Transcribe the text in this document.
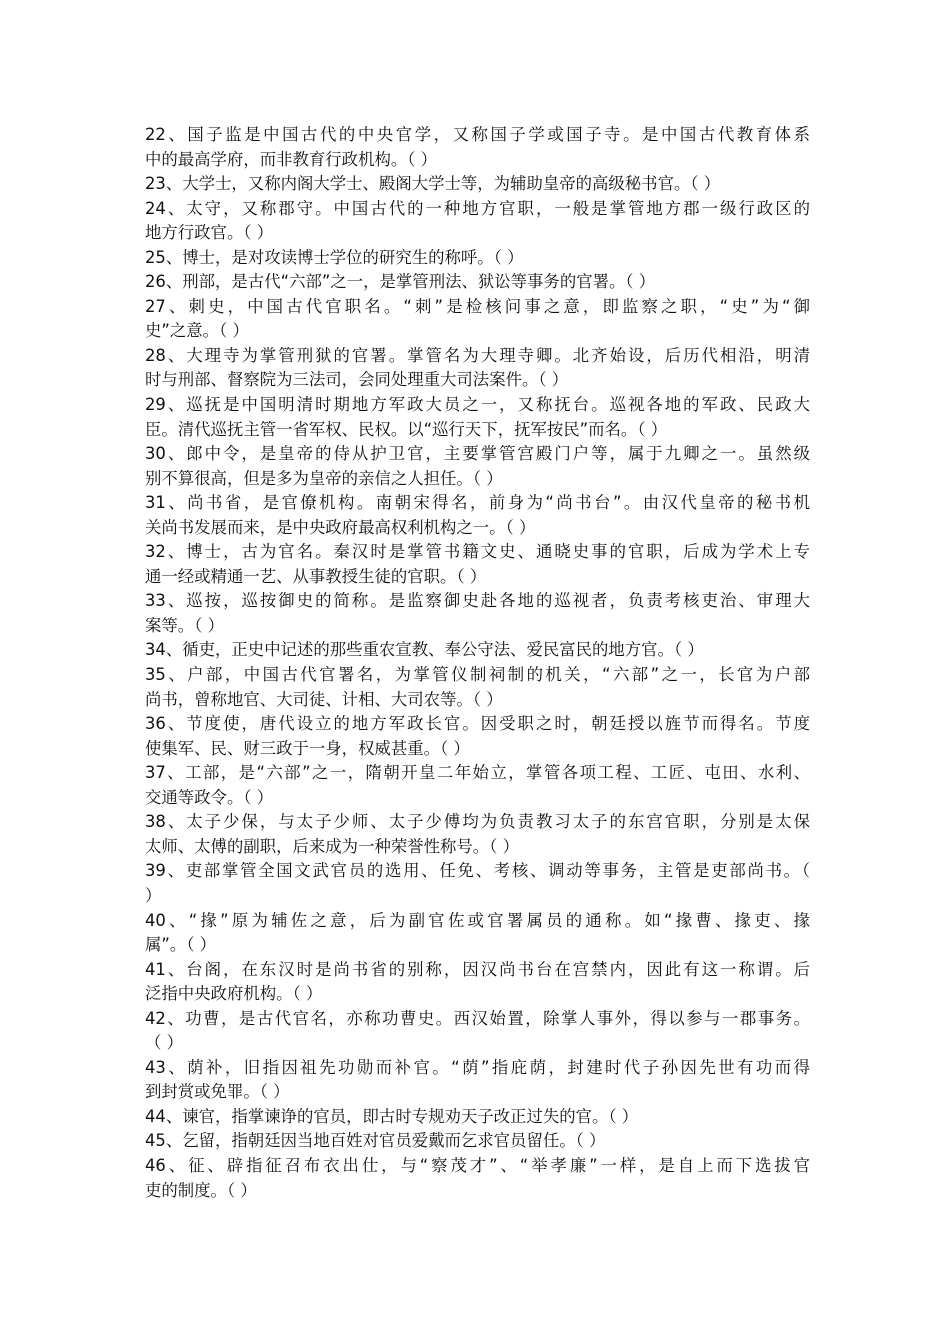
22、国子监是中国古代的中央官学，又称国子学或国子寺。是中国古代教育体系
中的最高学府，而非教育行政机构。（ ）
23、大学士，又称内阁大学士、殿阁大学士等，为辅助皇帝的高级秘书官。（ ）
24、太守，又称郡守。中国古代的一种地方官职，一般是掌管地方郡一级行政区的
地方行政官。（ ）
25、博士，是对攻读博士学位的研究生的称呼。（ ）
26、刑部，是古代“六部”之一，是掌管刑法、狱讼等事务的官署。（ ）
27、刺史，中国古代官职名。“刺”是检核问事之意，即监察之职，“史”为“御
史”之意。（ ）
28、大理寺为掌管刑狱的官署。掌管名为大理寺卿。北齐始设，后历代相沿，明清
时与刑部、督察院为三法司，会同处理重大司法案件。（ ）
29、巡抚是中国明清时期地方军政大员之一，又称抚台。巡视各地的军政、民政大
臣。清代巡抚主管一省军权、民权。以“巡行天下，抚军按民”而名。（ ）
30、郎中令，是皇帝的侍从护卫官，主要掌管宫殿门户等，属于九卿之一。虽然级
别不算很高，但是多为皇帝的亲信之人担任。（ ）
31、尚书省，是官僚机构。南朝宋得名，前身为“尚书台”。由汉代皇帝的秘书机
关尚书发展而来，是中央政府最高权利机构之一。（ ）
32、博士，古为官名。秦汉时是掌管书籍文史、通晓史事的官职，后成为学术上专
通一经或精通一艺、从事教授生徒的官职。（ ）
33、巡按，巡按御史的简称。是监察御史赴各地的巡视者，负责考核吏治、审理大
案等。（ ）
34、循吏，正史中记述的那些重农宣教、奉公守法、爱民富民的地方官。（ ）
35、户部，中国古代官署名，为掌管仪制祠制的机关，“六部”之一，长官为户部
尚书，曾称地官、大司徒、计相、大司农等。（ ）
36、节度使，唐代设立的地方军政长官。因受职之时，朝廷授以旌节而得名。节度
使集军、民、财三政于一身，权威甚重。（ ）
37、工部，是“六部”之一，隋朝开皇二年始立，掌管各项工程、工匠、屯田、水利、
交通等政令。（ ）
38、太子少保，与太子少师、太子少傅均为负责教习太子的东宫官职，分别是太保
太师、太傅的副职，后来成为一种荣誉性称号。（ ）
39、吏部掌管全国文武官员的选用、任免、考核、调动等事务，主管是吏部尚书。（
）
40、“掾”原为辅佐之意，后为副官佐或官署属员的通称。如“掾曹、掾吏、掾
属”。（ ）
41、台阁，在东汉时是尚书省的别称，因汉尚书台在宫禁内，因此有这一称谓。后
泛指中央政府机构。（ ）
42、功曹，是古代官名，亦称功曹史。西汉始置，除掌人事外，得以参与一郡事务。
（ ）
43、荫补，旧指因祖先功勋而补官。“荫”指庇荫，封建时代子孙因先世有功而得
到封赏或免罪。（ ）
44、谏官，指掌谏诤的官员，即古时专规劝天子改正过失的官。（ ）
45、乞留，指朝廷因当地百姓对官员爱戴而乞求官员留任。（ ）
46、征、辟指征召布衣出仕，与“察茂才”、“举孝廉”一样，是自上而下选拔官
吏的制度。（ ）
